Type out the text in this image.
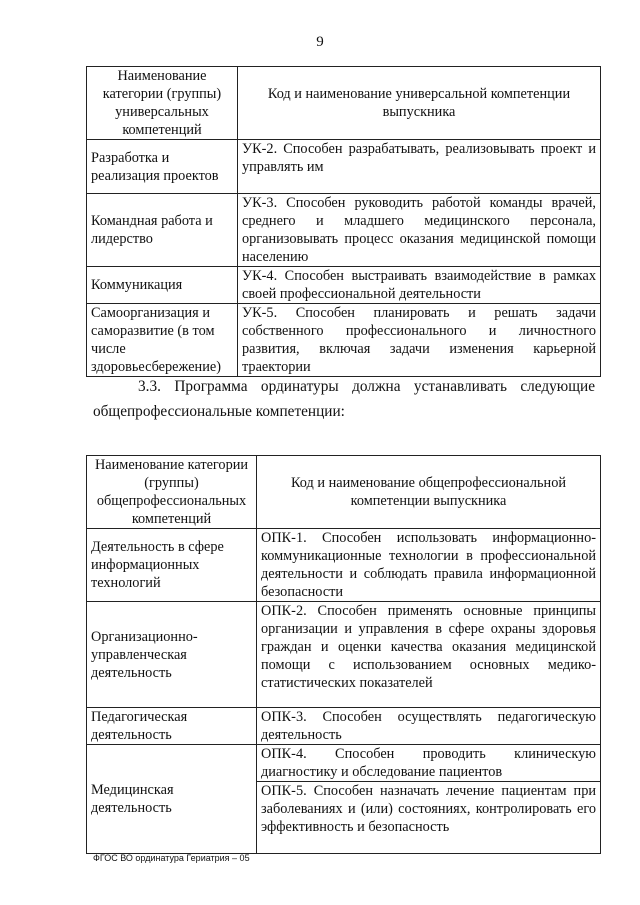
9
Наименование категории (группы) универсальных компетенций	Код и наименование универсальной компетенции выпускника
Разработка и реализация проектов	УК-2. Способен разрабатывать, реализовывать проект и управлять им
Командная работа и лидерство	УК-3. Способен руководить работой команды врачей, среднего и младшего медицинского персонала, организовывать процесс оказания медицинской помощи населению
Коммуникация	УК-4. Способен выстраивать взаимодействие в рамках своей профессиональной деятельности
Самоорганизация и саморазвитие (в том числе здоровьесбережение)	УК-5. Способен планировать и решать задачи собственного профессионального и личностного развития, включая задачи изменения карьерной траектории
3.3. Программа ординатуры должна устанавливать следующие
общепрофессиональные компетенции:
Наименование категории (группы) общепрофессиональных компетенций	Код и наименование общепрофессиональной компетенции выпускника
Деятельность в сфере информационных технологий	ОПК-1. Способен использовать информационно-коммуникационные технологии в профессиональной деятельности и соблюдать правила информационной безопасности
Организационно-управленческая деятельность	ОПК-2. Способен применять основные принципы организации и управления в сфере охраны здоровья граждан и оценки качества оказания медицинской помощи с использованием основных медико-статистических показателей
Педагогическая деятельность	ОПК-3. Способен осуществлять педагогическую деятельность
Медицинская деятельность	ОПК-4. Способен проводить клиническую диагностику и обследование пациентов
	ОПК-5. Способен назначать лечение пациентам при заболеваниях и (или) состояниях, контролировать его эффективность и безопасность
ФГОС ВО ординатура Гериатрия – 05
